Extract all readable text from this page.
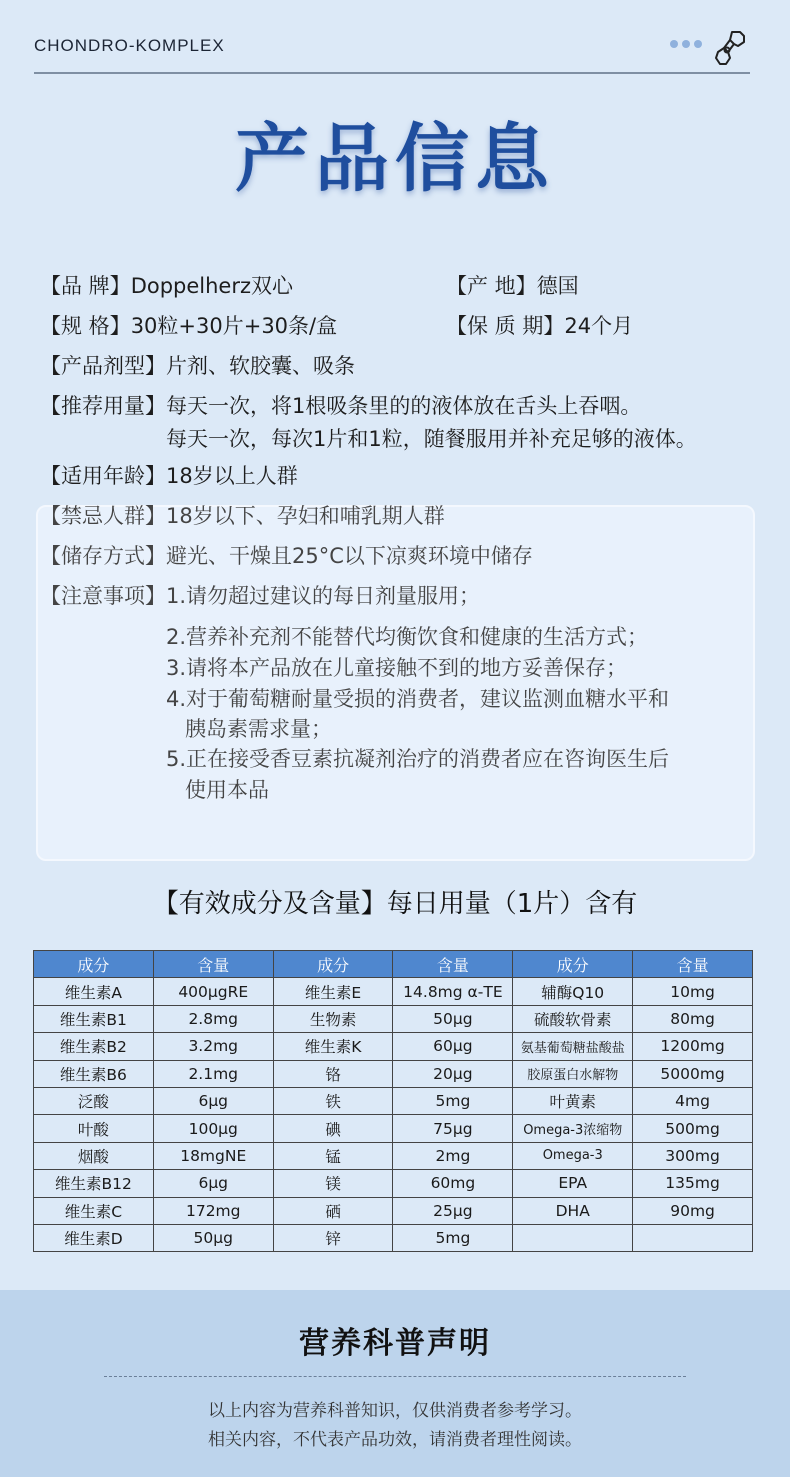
CHONDRO-KOMPLEX
产品信息
【品 牌】Doppelherz双心	【产 地】德国
【规 格】30粒+30片+30条/盒	【保 质 期】24个月
【产品剂型】片剂、软胶囊、吸条
【推荐用量】每天一次，将1根吸条里的的液体放在舌头上吞咽。
每天一次，每次1片和1粒，随餐服用并补充足够的液体。
【适用年龄】18岁以上人群
【禁忌人群】18岁以下、孕妇和哺乳期人群
【储存方式】避光、干燥且25°C以下凉爽环境中储存
【注意事项】1.请勿超过建议的每日剂量服用；
2.营养补充剂不能替代均衡饮食和健康的生活方式；
3.请将本产品放在儿童接触不到的地方妥善保存；
4.对于葡萄糖耐量受损的消费者，建议监测血糖水平和
胰岛素需求量；
5.正在接受香豆素抗凝剂治疗的消费者应在咨询医生后
使用本品
【有效成分及含量】每日用量（1片）含有
成分	含量	成分	含量	成分	含量
维生素A	400µgRE	维生素E	14.8mg α-TE	辅酶Q10	10mg
维生素B1	2.8mg	生物素	50µg	硫酸软骨素	80mg
维生素B2	3.2mg	维生素K	60µg	氨基葡萄糖盐酸盐	1200mg
维生素B6	2.1mg	铬	20µg	胶原蛋白水解物	5000mg
泛酸	6µg	铁	5mg	叶黄素	4mg
叶酸	100µg	碘	75µg	Omega-3浓缩物	500mg
烟酸	18mgNE	锰	2mg	Omega-3	300mg
维生素B12	6µg	镁	60mg	EPA	135mg
维生素C	172mg	硒	25µg	DHA	90mg
维生素D	50µg	锌	5mg		
营养科普声明
以上内容为营养科普知识，仅供消费者参考学习。
相关内容，不代表产品功效，请消费者理性阅读。
